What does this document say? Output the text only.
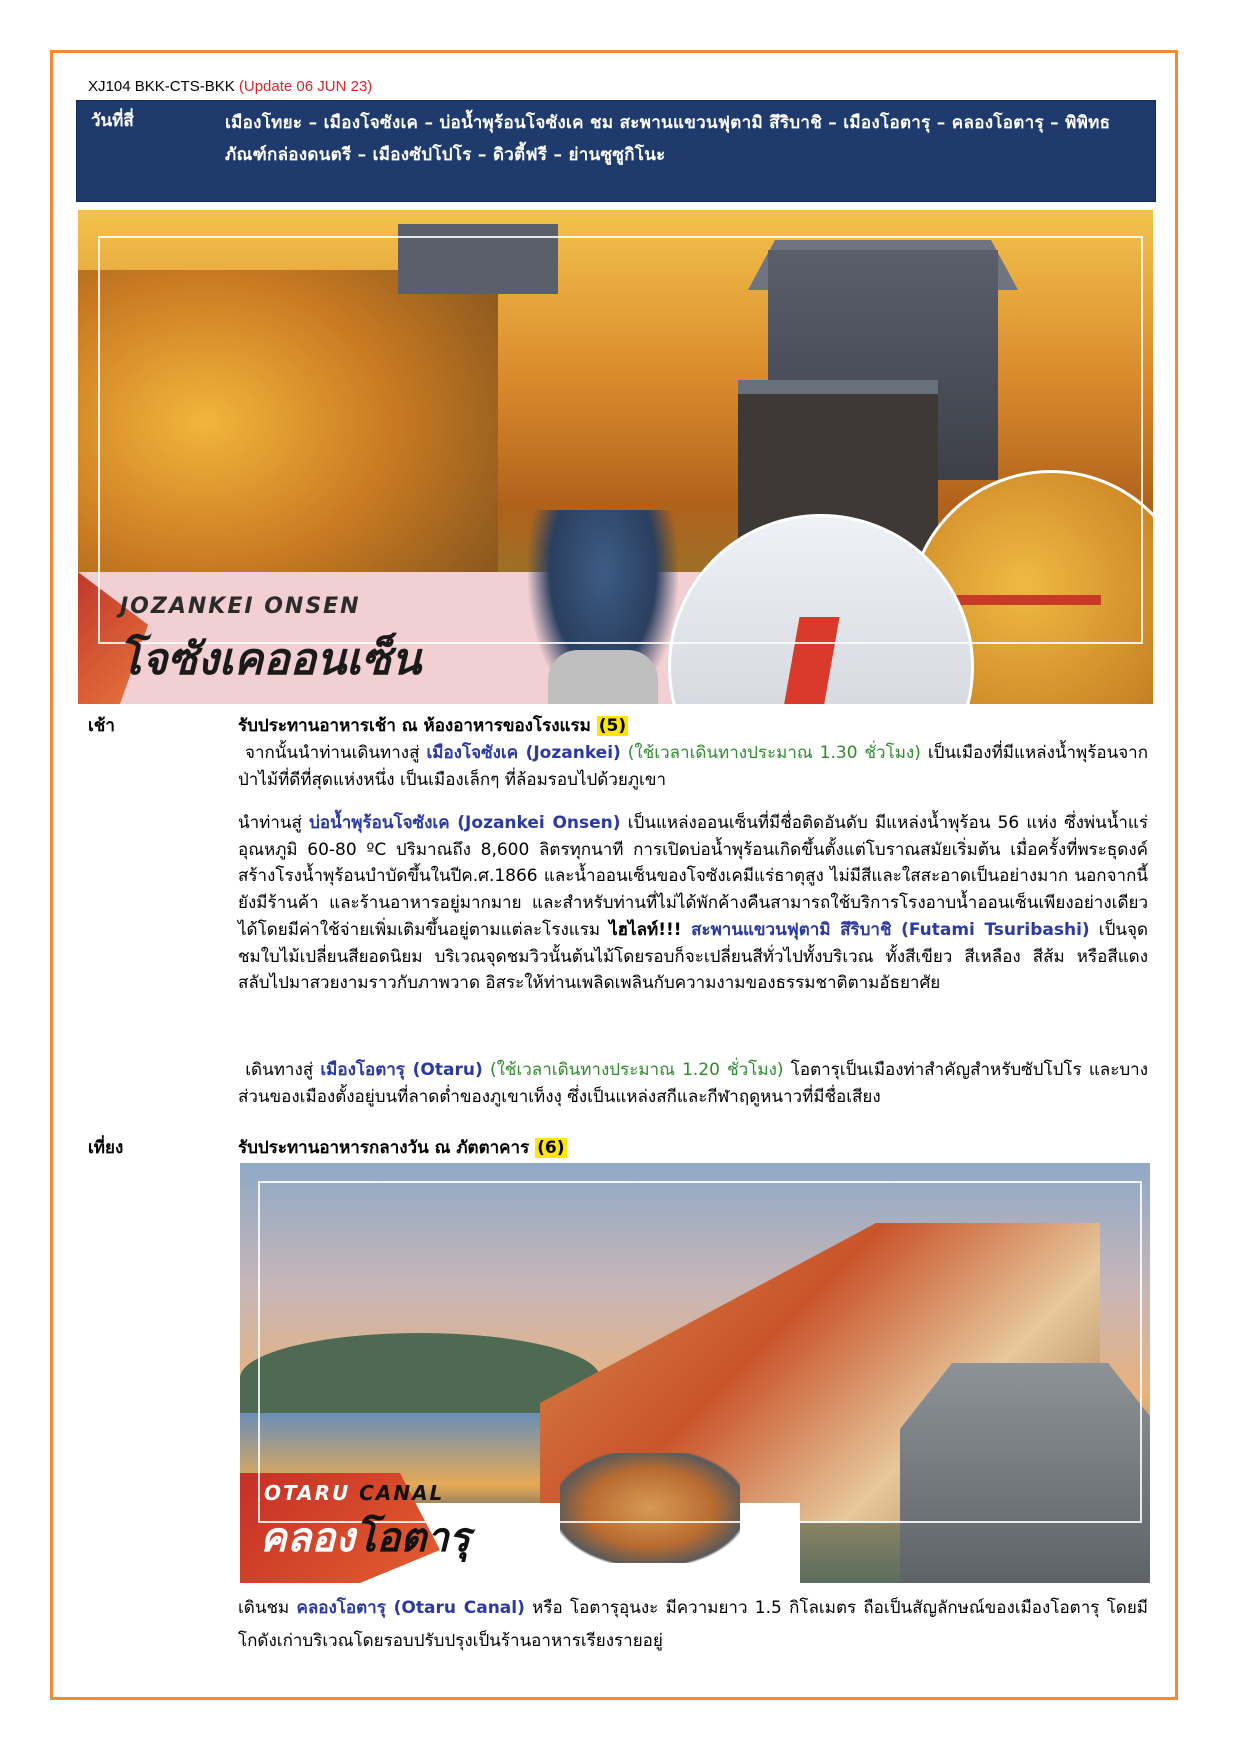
XJ104 BKK-CTS-BKK (Update 06 JUN 23)
วันที่สี่	เมืองโทยะ – เมืองโจซังเค – บ่อน้ำพุร้อนโจซังเค ชม สะพานแขวนฟุตามิ สึริบาชิ – เมืองโอตารุ – คลองโอตารุ – พิพิทธภัณฑ์กล่องดนตรี – เมืองซัปโปโร – ดิวตี้ฟรี – ย่านซูซูกิโนะ
JOZANKEI ONSEN
โจซังเคออนเซ็น
เช้า	รับประทานอาหารเช้า ณ ห้องอาหารของโรงแรม (5)
จากนั้นนำท่านเดินทางสู่ เมืองโจซังเค (Jozankei) (ใช้เวลาเดินทางประมาณ 1.30 ชั่วโมง) เป็นเมืองที่มีแหล่งน้ำพุร้อนจากป่าไม้ที่ดีที่สุดแห่งหนึ่ง เป็นเมืองเล็กๆ ที่ล้อมรอบไปด้วยภูเขา
นำท่านสู่ บ่อน้ำพุร้อนโจซังเค (Jozankei Onsen) เป็นแหล่งออนเซ็นที่มีชื่อติดอันดับ มีแหล่งน้ำพุร้อน 56 แห่ง ซึ่งพ่นน้ำแร่อุณหภูมิ 60-80 ºC ปริมาณถึง 8,600 ลิตรทุกนาที การเปิดบ่อน้ำพุร้อนเกิดขึ้นตั้งแต่โบราณสมัยเริ่มต้น เมื่อครั้งที่พระธุดงค์สร้างโรงน้ำพุร้อนบำบัดขึ้นในปีค.ศ.1866 และน้ำออนเซ็นของโจซังเคมีแร่ธาตุสูง ไม่มีสีและใสสะอาดเป็นอย่างมาก นอกจากนี้ยังมีร้านค้า และร้านอาหารอยู่มากมาย และสำหรับท่านที่ไม่ได้พักค้างคืนสามารถใช้บริการโรงอาบน้ำออนเซ็นเพียงอย่างเดียวได้โดยมีค่าใช้จ่ายเพิ่มเติมขึ้นอยู่ตามแต่ละโรงแรม ไฮไลท์!!! สะพานแขวนฟุตามิ สึริบาชิ (Futami Tsuribashi) เป็นจุดชมใบไม้เปลี่ยนสียอดนิยม บริเวณจุดชมวิวนั้นต้นไม้โดยรอบก็จะเปลี่ยนสีทั่วไปทั้งบริเวณ ทั้งสีเขียว สีเหลือง สีส้ม หรือสีแดง สลับไปมาสวยงามราวกับภาพวาด อิสระให้ท่านเพลิดเพลินกับความงามของธรรมชาติตามอัธยาศัย
เดินทางสู่ เมืองโอตารุ (Otaru) (ใช้เวลาเดินทางประมาณ 1.20 ชั่วโมง) โอตารุเป็นเมืองท่าสำคัญสำหรับซัปโปโร และบางส่วนของเมืองตั้งอยู่บนที่ลาดต่ำของภูเขาเท็งงุ ซึ่งเป็นแหล่งสกีและกีฬาฤดูหนาวที่มีชื่อเสียง
เที่ยง	รับประทานอาหารกลางวัน ณ ภัตตาคาร (6)
OTARU CANAL
คลองโอตารุ
เดินชม คลองโอตารุ (Otaru Canal) หรือ โอตารุอุนงะ มีความยาว 1.5 กิโลเมตร ถือเป็นสัญลักษณ์ของเมืองโอตารุ โดยมีโกดังเก่าบริเวณโดยรอบปรับปรุงเป็นร้านอาหารเรียงรายอยู่
